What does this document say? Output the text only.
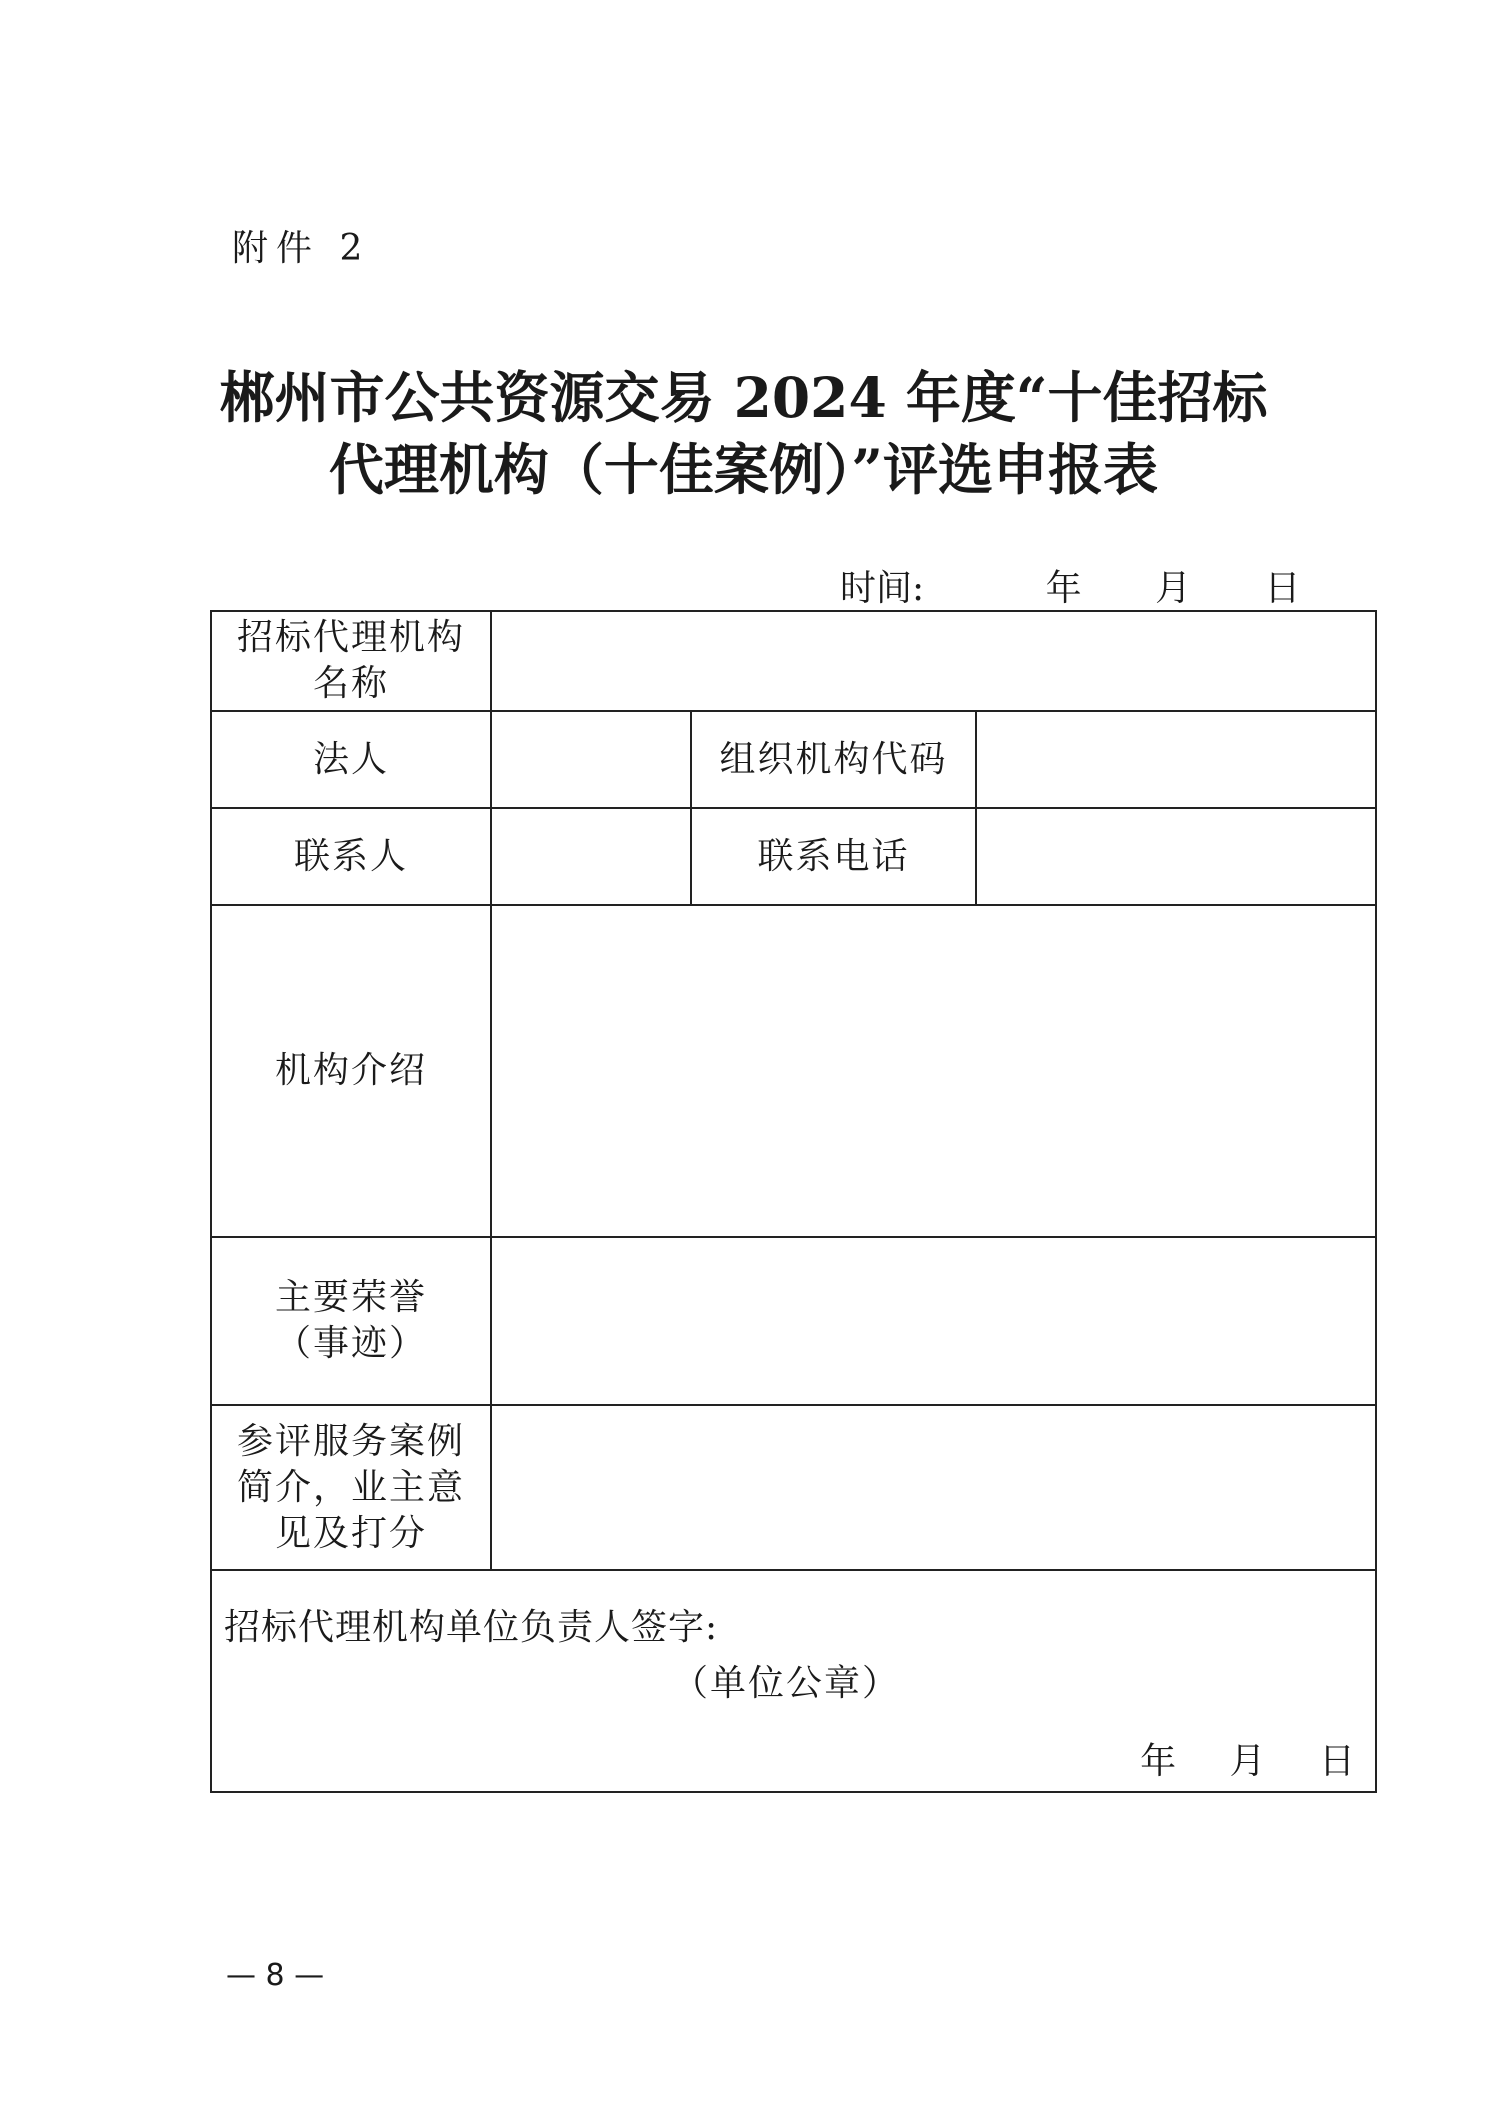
附件 2
郴州市公共资源交易 2024 年度“十佳招标
代理机构（十佳案例）”评选申报表
时间:	年 月 日
招标代理机构
名称			

法人		组织机构代码	
联系人		联系电话	
机构介绍			

主要荣誉
（事迹）			

参评服务案例
简介，业主意
见及打分			

招标代理机构单位负责人签字:
（单位公章）
年 月 日			
— 8 —
